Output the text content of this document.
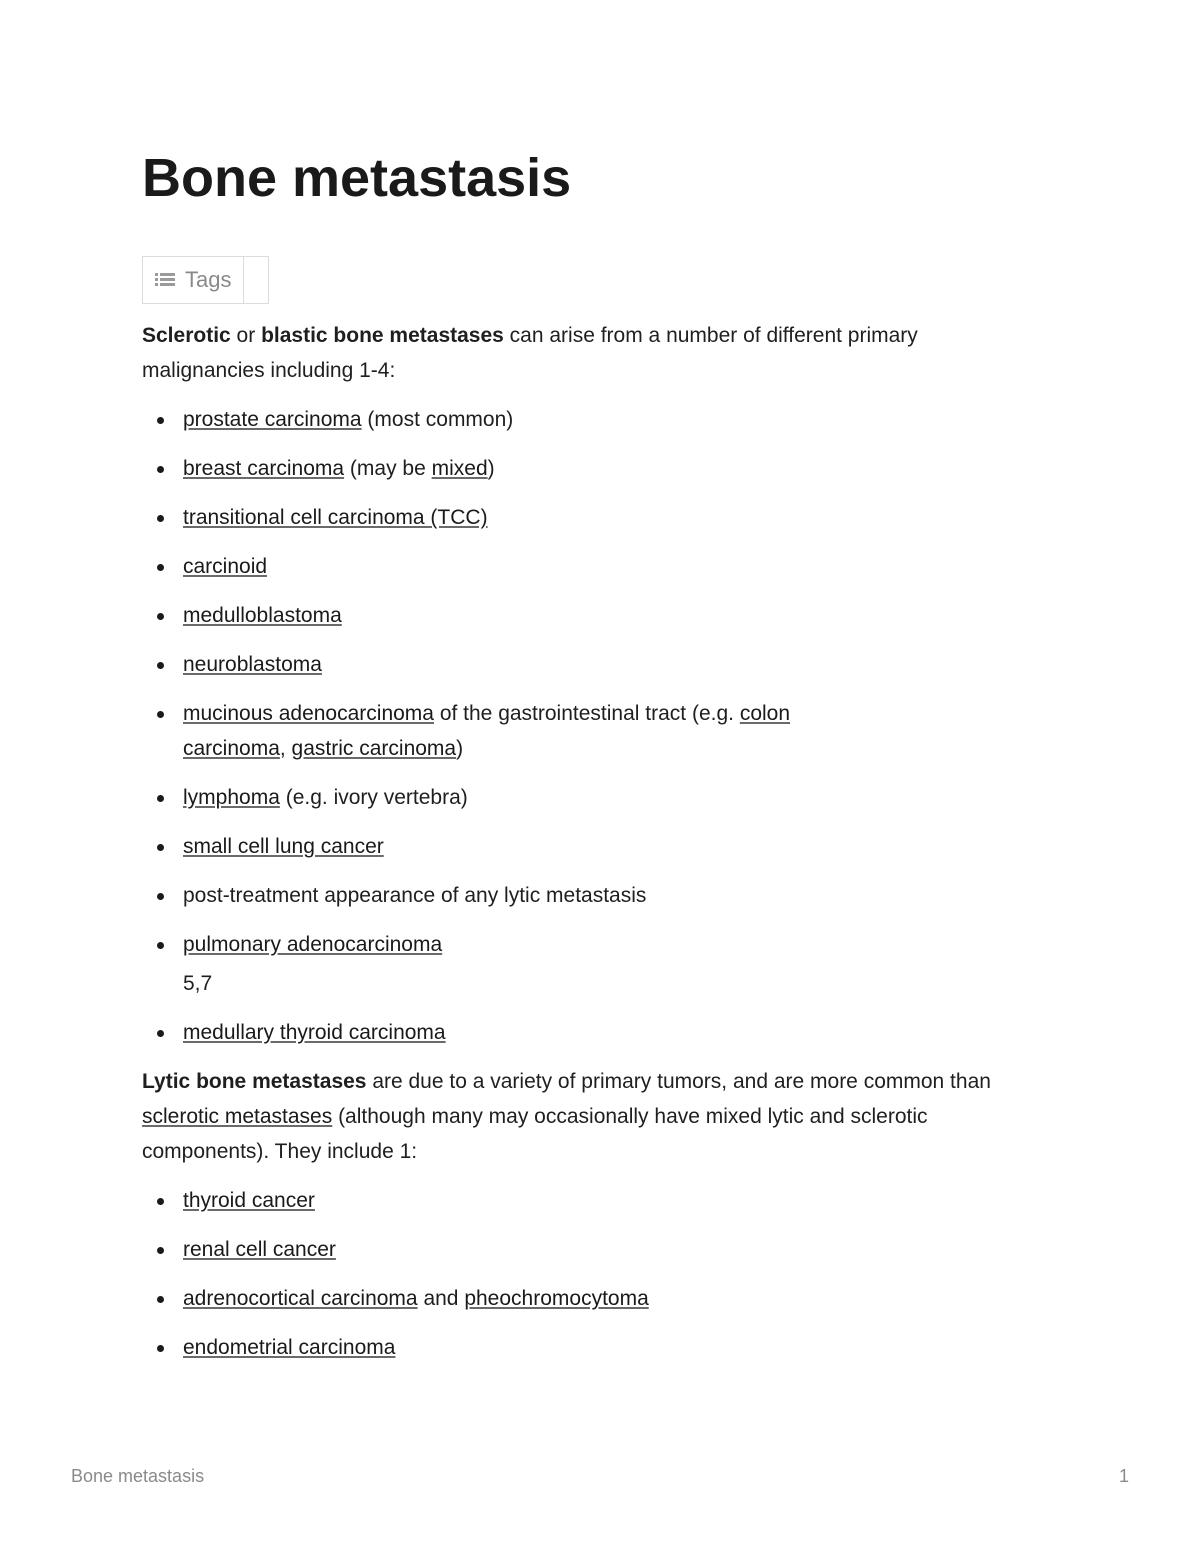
Bone metastasis
Tags

Sclerotic or blastic bone metastases can arise from a number of different primary malignancies including 1-4:

prostate carcinoma (most common)
breast carcinoma (may be mixed)
transitional cell carcinoma (TCC)
carcinoid
medulloblastoma
neuroblastoma
mucinous adenocarcinoma of the gastrointestinal tract (e.g. colon carcinoma, gastric carcinoma)
lymphoma (e.g. ivory vertebra)
small cell lung cancer
post-treatment appearance of any lytic metastasis
pulmonary adenocarcinoma
5,7
medullary thyroid carcinoma

Lytic bone metastases are due to a variety of primary tumors, and are more common than sclerotic metastases (although many may occasionally have mixed lytic and sclerotic components). They include 1:

thyroid cancer
renal cell cancer
adrenocortical carcinoma and pheochromocytoma
endometrial carcinoma
Bone metastasis	1
